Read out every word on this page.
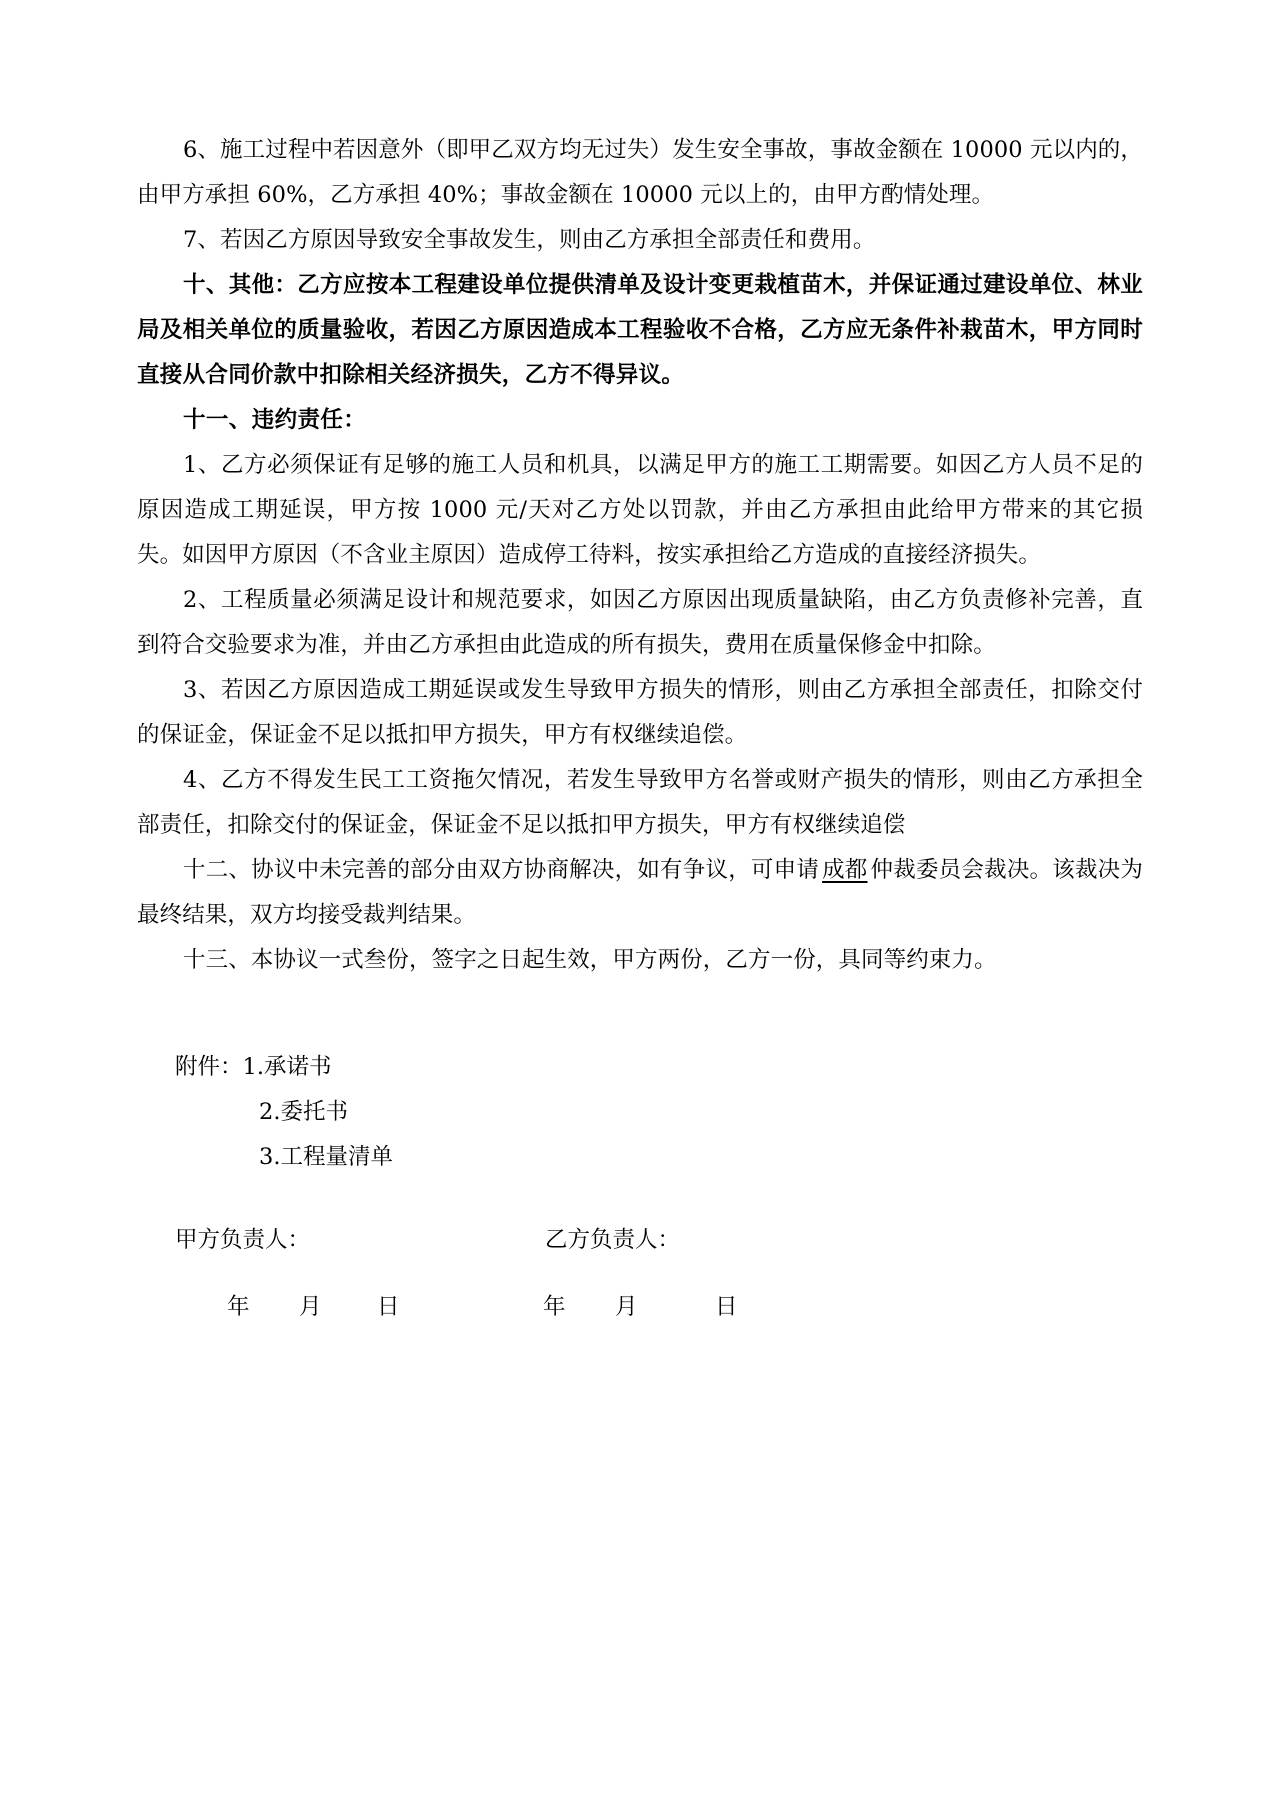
6、施工过程中若因意外（即甲乙双方均无过失）发生安全事故，事故金额在 10000 元以内的，由甲方承担 60%，乙方承担 40%；事故金额在 10000 元以上的，由甲方酌情处理。

7、若因乙方原因导致安全事故发生，则由乙方承担全部责任和费用。

十、其他：乙方应按本工程建设单位提供清单及设计变更栽植苗木，并保证通过建设单位、林业局及相关单位的质量验收，若因乙方原因造成本工程验收不合格，乙方应无条件补栽苗木，甲方同时直接从合同价款中扣除相关经济损失，乙方不得异议。

十一、违约责任：

1、乙方必须保证有足够的施工人员和机具，以满足甲方的施工工期需要。如因乙方人员不足的原因造成工期延误，甲方按 1000 元/天对乙方处以罚款，并由乙方承担由此给甲方带来的其它损失。如因甲方原因（不含业主原因）造成停工待料，按实承担给乙方造成的直接经济损失。

2、工程质量必须满足设计和规范要求，如因乙方原因出现质量缺陷，由乙方负责修补完善，直到符合交验要求为准，并由乙方承担由此造成的所有损失，费用在质量保修金中扣除。

3、若因乙方原因造成工期延误或发生导致甲方损失的情形，则由乙方承担全部责任，扣除交付的保证金，保证金不足以抵扣甲方损失，甲方有权继续追偿。

4、乙方不得发生民工工资拖欠情况，若发生导致甲方名誉或财产损失的情形，则由乙方承担全部责任，扣除交付的保证金，保证金不足以抵扣甲方损失，甲方有权继续追偿

十二、协议中未完善的部分由双方协商解决，如有争议，可申请 成都 仲裁委员会裁决。该裁决为最终结果，双方均接受裁判结果。

十三、本协议一式叁份，签字之日起生效，甲方两份，乙方一份，具同等约束力。

附件：1.承诺书
2.委托书
3.工程量清单
甲方负责人：	乙方负责人：
年 月 日	年 月	日
